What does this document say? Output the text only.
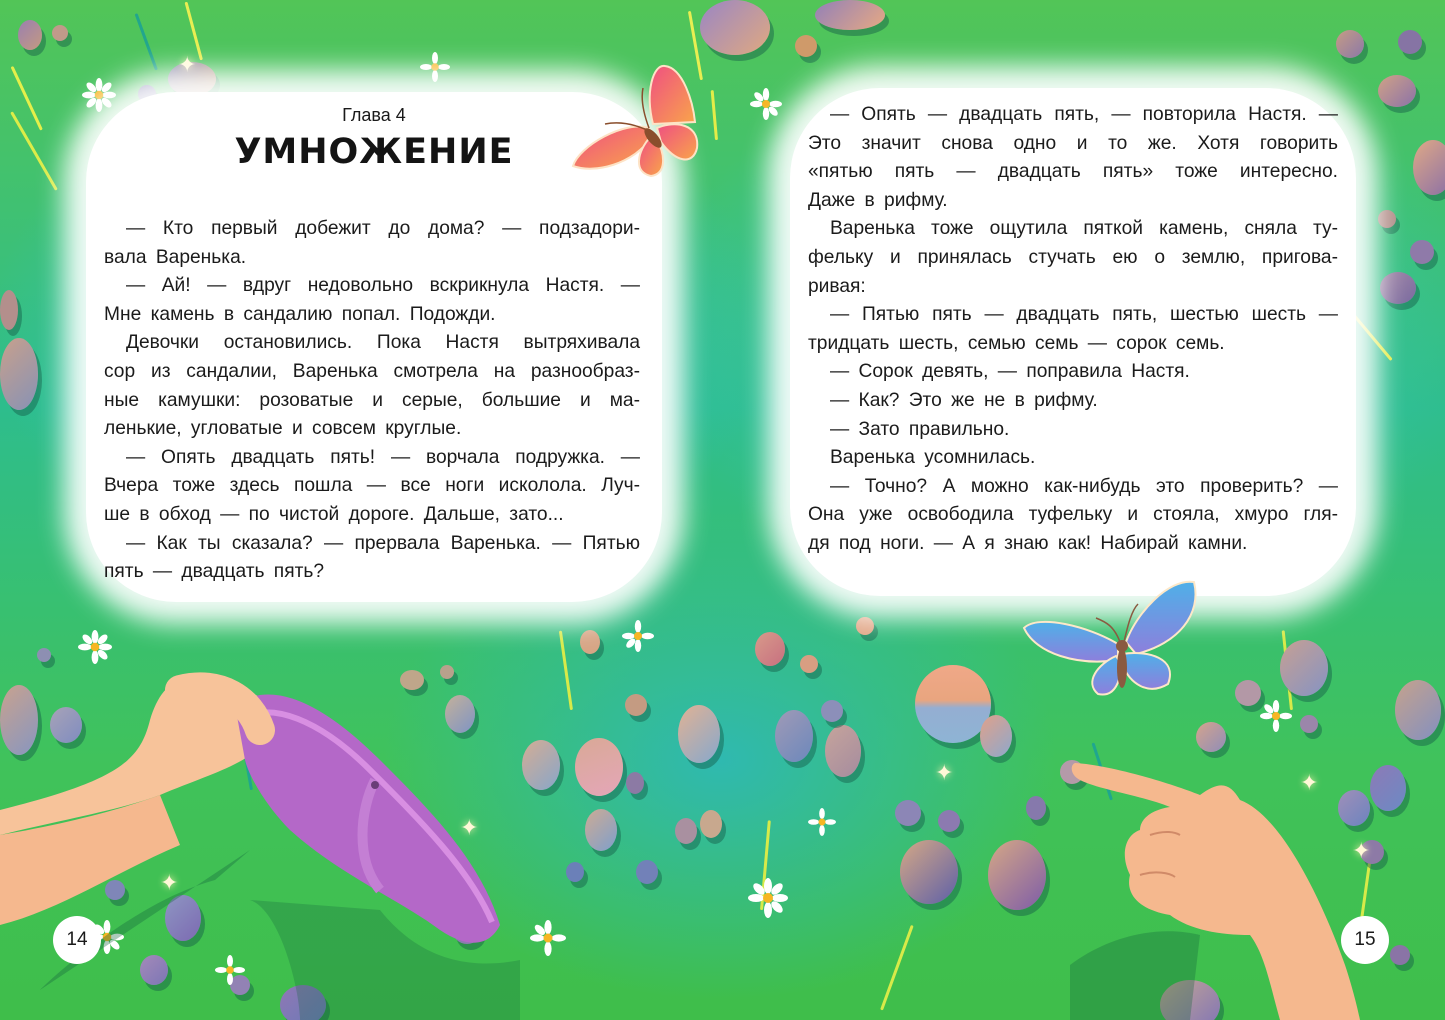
✦
✦
✦
✦
✦
✦
Глава 4
УМНОЖЕНИЕ
— Кто первый добежит до дома? — подзадори-
вала Варенька.
— Ай! — вдруг недовольно вскрикнула Настя. —
Мне камень в сандалию попал. Подожди.
Девочки остановились. Пока Настя вытряхивала
сор из сандалии, Варенька смотрела на разнообраз-
ные камушки: розоватые и серые, большие и ма-
ленькие, угловатые и совсем круглые.
— Опять двадцать пять! — ворчала подружка. —
Вчера тоже здесь пошла — все ноги исколола. Луч-
ше в обход — по чистой дороге. Дальше, зато...
— Как ты сказала? — прервала Варенька. — Пятью
пять — двадцать пять?
— Опять — двадцать пять, — повторила Настя. —
Это значит снова одно и то же. Хотя говорить
«пятью пять — двадцать пять» тоже интересно.
Даже в рифму.
Варенька тоже ощутила пяткой камень, сняла ту-
фельку и принялась стучать ею о землю, пригова-
ривая:
— Пятью пять — двадцать пять, шестью шесть —
тридцать шесть, семью семь — сорок семь.
— Сорок девять, — поправила Настя.
— Как? Это же не в рифму.
— Зато правильно.
Варенька усомнилась.
— Точно? А можно как-нибудь это проверить? —
Она уже освободила туфельку и стояла, хмуро гля-
дя под ноги. — А я знаю как! Набирай камни.
14	15
